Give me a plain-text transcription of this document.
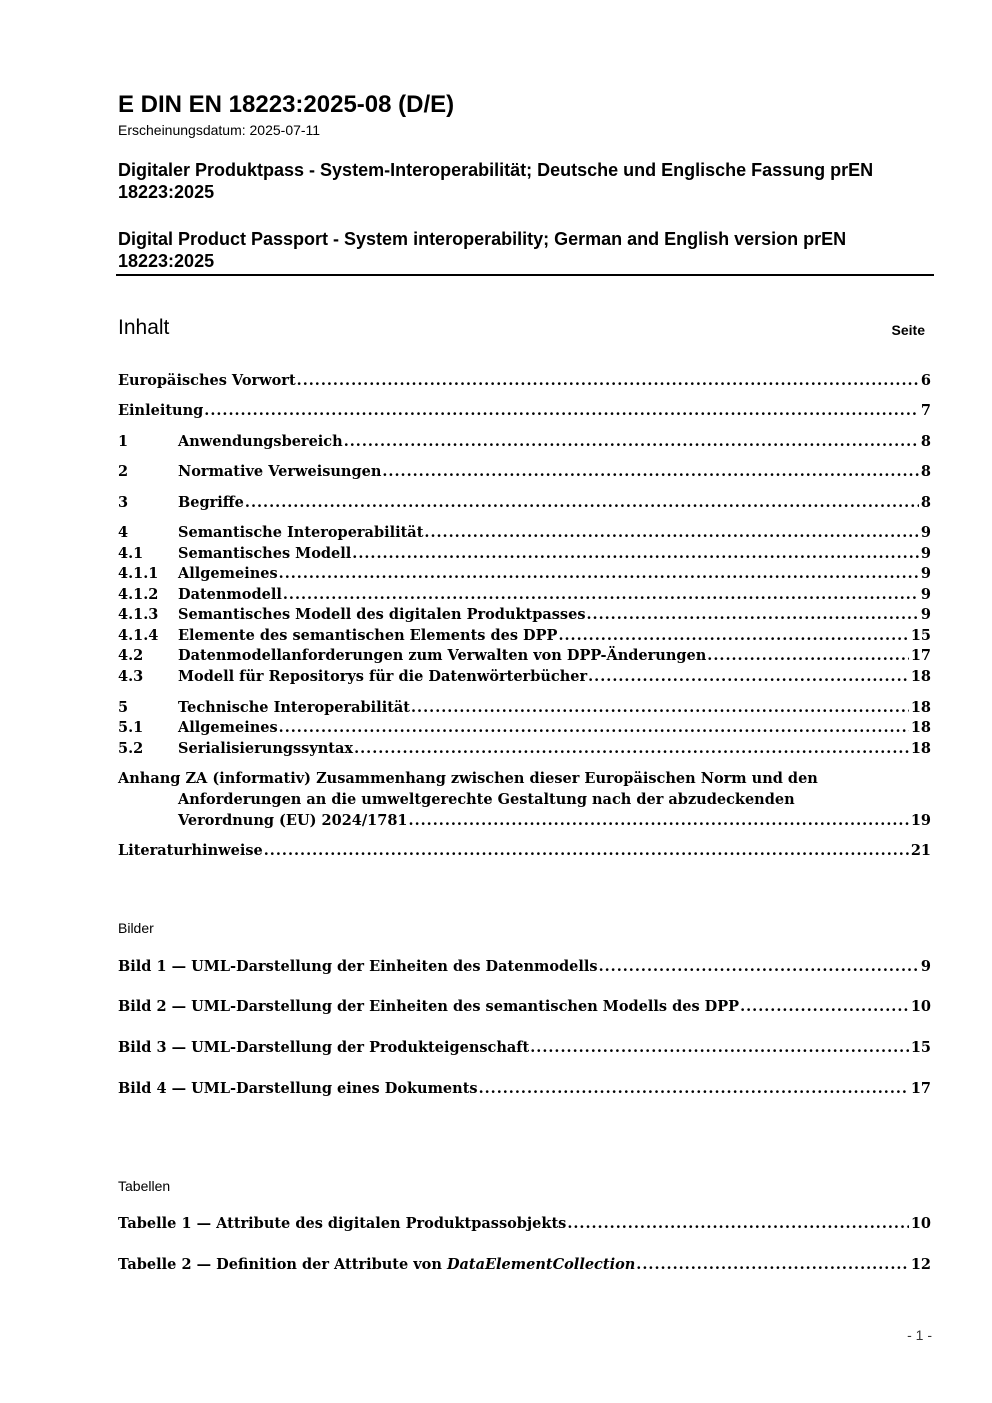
E DIN EN 18223:2025-08 (D/E)
Erscheinungsdatum: 2025-07-11
Digitaler Produktpass - System-Interoperabilität; Deutsche und Englische Fassung prEN 18223:2025
Digital Product Passport - System interoperability; German and English version prEN 18223:2025
Inhalt	Seite
Europäisches Vorwort .....	6
Einleitung .....	7
1	Anwendungsbereich .....	8
2	Normative Verweisungen .....	8
3	Begriffe .....	8
4	Semantische Interoperabilität .....	9
4.1	Semantisches Modell .....	9
4.1.1	Allgemeines .....	9
4.1.2	Datenmodell .....	9
4.1.3	Semantisches Modell des digitalen Produktpasses .....	9
4.1.4	Elemente des semantischen Elements des DPP .....	15
4.2	Datenmodellanforderungen zum Verwalten von DPP-Änderungen .....	17
4.3	Modell für Repositorys für die Datenwörterbücher .....	18
5	Technische Interoperabilität .....	18
5.1	Allgemeines .....	18
5.2	Serialisierungssyntax .....	18
Anhang ZA (informativ) Zusammenhang zwischen dieser Europäischen Norm und den
Anforderungen an die umweltgerechte Gestaltung nach der abzudeckenden
Verordnung (EU) 2024/1781 .....	19
Literaturhinweise .....	21
Bilder
Bild 1 — UML-Darstellung der Einheiten des Datenmodells .....	9
Bild 2 — UML-Darstellung der Einheiten des semantischen Modells des DPP .....	10
Bild 3 — UML-Darstellung der Produkteigenschaft .....	15
Bild 4 — UML-Darstellung eines Dokuments .....	17
Tabellen
Tabelle 1 — Attribute des digitalen Produktpassobjekts .....	10
Tabelle 2 — Definition der Attribute von DataElementCollection .....	12
- 1 -
